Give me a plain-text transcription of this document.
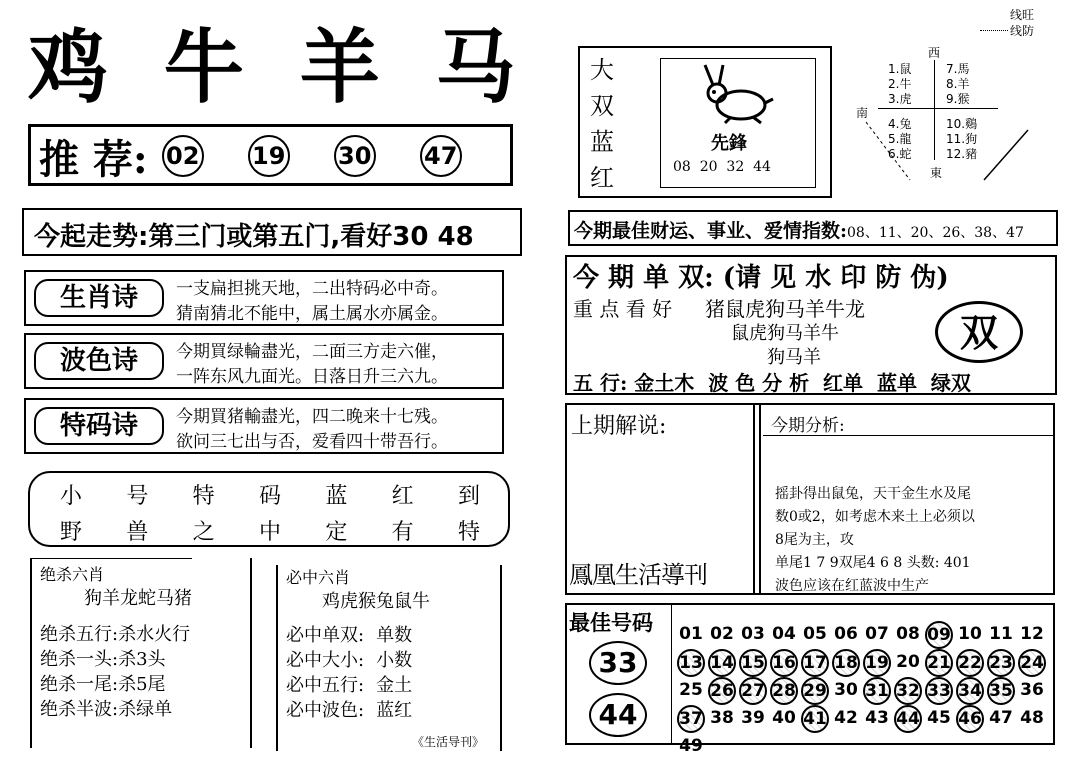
鸡 牛 羊 马
推 荐: 02 19 30 47
今起走势:第三门或第五门,看好30 48
生肖诗	一支扁担挑天地，二出特码必中奇。
猜南猜北不能中，属土属水亦属金。
波色诗	今期買绿輪盡光，二面三方走六催，
一阵东风九面光。日落日升三六九。
特码诗	今期買猪輸盡光，四二晚来十七残。
欲问三七出与否，爱看四十带吾行。
小 号 特 码 蓝 红 到
野 兽 之 中 定 有 特
绝杀六肖
狗羊龙蛇马猪
绝杀五行:杀水火行
绝杀一头:杀3头
绝杀一尾:杀5尾
绝杀半波:杀绿单
必中六肖
鸡虎猴兔鼠牛
必中单双: 单数
必中大小: 小数
必中五行: 金土
必中波色: 蓝红
《生活导刊》
大
双
蓝
红
先鋒
08  20  32  44
线旺
线防
西
南
東
1.鼠
2.牛
3.虎
4.兔
5.龍
6.蛇
7.馬
8.羊
9.猴
10.鷄
11.狗
12.豬
今期最佳财运、事业、爱情指数:08、11、20、26、38、47
今 期 单 双: (请 见 水 印 防 伪)
重 点 看 好 猪鼠虎狗马羊牛龙
鼠虎狗马羊牛
狗马羊
双
五 行: 金土木  波 色 分 析  红单  蓝单  绿双
上期解说:
鳳凰生活導刊
今期分析:
摇卦得出鼠兔，天干金生水及尾
数0或2，如考虑木来土上必须以
8尾为主，攻
单尾1 7 9双尾4 6 8 头数: 401
波色应该在红蓝波中生产
最佳号码
33
44
01 02 03 04 05 06 07 08 09 10 11 12
13 14 15 16 17 18 19 20 21 22 23 24
25 26 27 28 29 30 31 32 33 34 35 36
37 38 39 40 41 42 43 44 45 46 47 48
49
